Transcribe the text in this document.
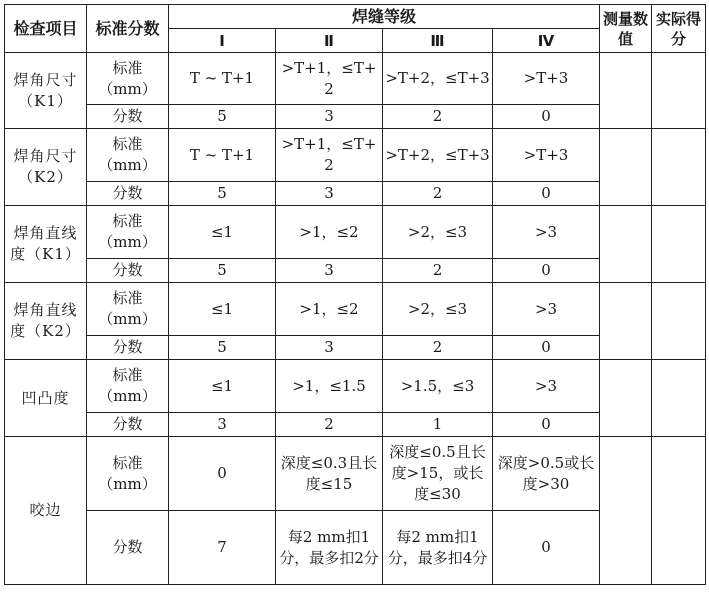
检查项目	标准分数	焊缝等级				测量数值	实际得分
		Ⅰ	Ⅱ	Ⅲ	Ⅳ		
焊角尺寸（K1）	标准（mm）	T ~ T+1	>T+1，≤T+2	>T+2，≤T+3	>T+3		
	分数	5	3	2	0		
焊角尺寸（K2）	标准（mm）	T ~ T+1	>T+1，≤T+2	>T+2，≤T+3	>T+3		
	分数	5	3	2	0		
焊角直线度（K1）	标准（mm）	≤1	>1，≤2	>2，≤3	>3		
	分数	5	3	2	0		
焊角直线度（K2）	标准（mm）	≤1	>1，≤2	>2，≤3	>3		
	分数	5	3	2	0		
凹凸度	标准（mm）	≤1	>1，≤1.5	>1.5，≤3	>3		
	分数	3	2	1	0		
咬边	标准（mm）	0	深度≤0.3且长度≤15	深度≤0.5且长度>15，或长度≤30	深度>0.5或长度>30		
	分数	7	每2 mm扣1分，最多扣2分	每2 mm扣1分，最多扣4分	0		
